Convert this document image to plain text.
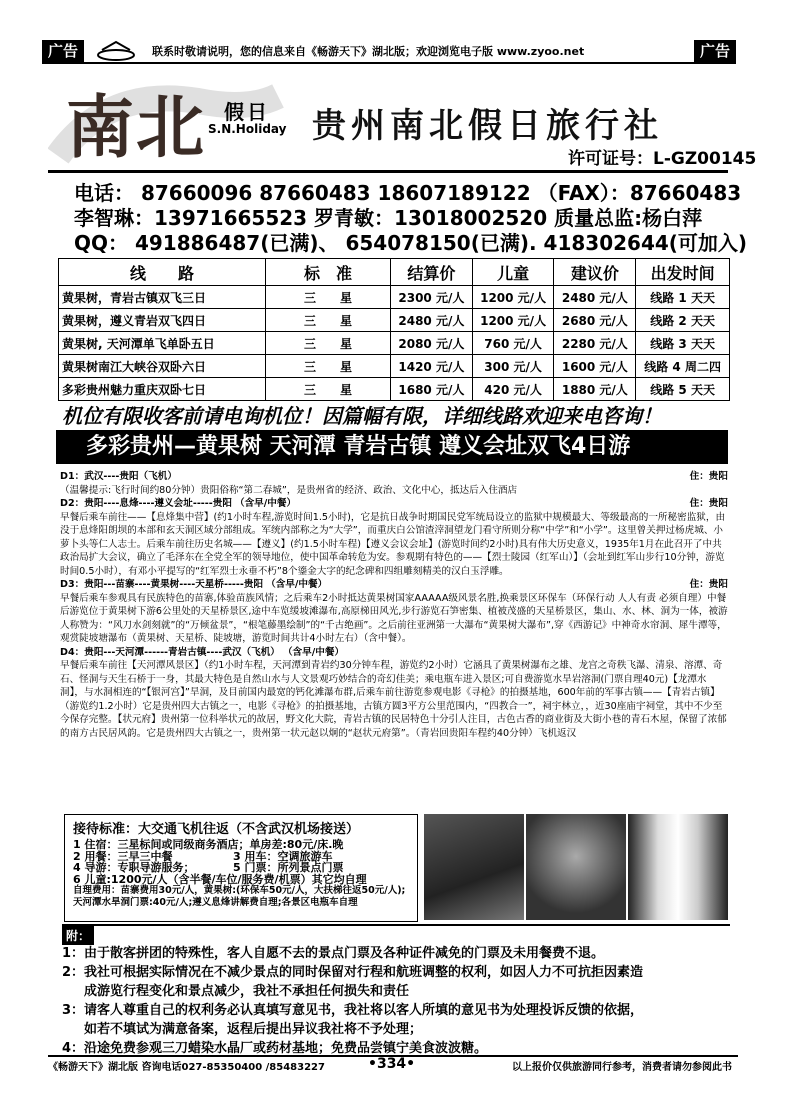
广告	联系时敬请说明，您的信息来自《畅游天下》湖北版；欢迎浏览电子版 www.zyoo.net	广告
南北 假日
S.N.Holiday 贵州南北假日旅行社
许可证号：L-GZ00145
电话： 87660096 87660483 18607189122 （FAX）：87660483
李智琳：13971665523 罗青敏：13018002520 质量总监:杨白萍
QQ： 491886487(已满)、 654078150(已满). 418302644(可加入)
线　　路	标　准	结算价	儿童	建议价	出发时间
黄果树，青岩古镇双飞三日	三　　星	2300 元/人	1200 元/人	2480 元/人	线路 1 天天
黄果树，遵义青岩双飞四日	三　　星	2480 元/人	1200 元/人	2680 元/人	线路 2 天天
黄果树, 天河潭单飞单卧五日	三　　星	2080 元/人	760 元/人	2280 元/人	线路 3 天天
黄果树南江大峡谷双卧六日	三　　星	1420 元/人	300 元/人	1600 元/人	线路 4 周二四
多彩贵州魅力重庆双卧七日	三　　星	1680 元/人	420 元/人	1880 元/人	线路 5 天天
机位有限收客前请电询机位！因篇幅有限，详细线路欢迎来电咨询！
多彩贵州—黄果树 天河潭 青岩古镇 遵义会址双飞4日游
D1：武汉----贵阳（飞机）	住：贵阳

（温馨提示:飞行时间约80分钟）贵阳俗称“第二春城”，是贵州省的经济、政治、文化中心，抵达后入住酒店

D2：贵阳----息烽----遵义会址-----贵阳 （含早/中餐）	住：贵阳

早餐后乘车前往——【息烽集中营】(约1小时车程,游览时间1.5小时)，它是抗日战争时期国民党军统局设立的监狱中规模最大、等级最高的一所秘密监狱，由没于息烽阳朗坝的本部和玄天洞区域分部组成。军统内部称之为“大学”，而重庆白公馆渣滓洞望龙门看守所则分称“中学”和“小学”。这里曾关押过杨虎城、小萝卜头等仁人志士。后乘车前往历史名城——【遵义】(约1.5小时车程)【遵义会议会址】(游览时间约2小时)具有伟大历史意义，1935年1月在此召开了中共政治局扩大会议，确立了毛泽东在全党全军的领导地位，使中国革命转危为安。参观期有特色的——【烈士陵园（红军山）】（会址到红军山步行10分钟，游览时间0.5小时），有邓小平提写的“红军烈士永垂不朽”8个鎏金大字的纪念碑和四组雕刻精美的汉白玉浮雕。

D3：贵阳---苗寨----黄果树----天星桥-----贵阳 （含早/中餐）	住：贵阳

早餐后乘车参观具有民族特色的苗寨,体验苗族风情；之后乘车2小时抵达黄果树国家AAAAA级风景名胜,换乘景区环保车（环保行动 人人有责 必须自理）中餐后游览位于黄果树下游6公里处的天星桥景区,途中车览缓坡滩瀑布,高原梯田风光,步行游览石笋密集、植被茂盛的天星桥景区，集山、水、林、洞为一体，被游人称赞为：“风刀水剑刻就”的“万倾盆景”，“根笔藤墨绘制”的“千古绝画”。之后前往亚洲第一大瀑布“黄果树大瀑布”,穿《西游记》中神奇水帘洞、犀牛潭等，观赏陡坡塘瀑布（黄果树、天星桥、陡坡塘，游览时间共计4小时左右）（含中餐）。

D4：贵阳---天河潭------青岩古镇----武汉（飞机） （含早/中餐）

早餐后乘车前往【天河潭风景区】（约1小时车程，天河潭到青岩约30分钟车程，游览约2小时）它涵具了黄果树瀑布之雄、龙宫之奇秩飞瀑、清泉、溶潭、奇石、怪洞与天生石桥于一身，其最大特色是自然山水与人文景观巧妙结合的奇幻佳美；乘电瓶车进入景区;可自费游览水旱岩溶洞(门票自理40元)【龙潭水洞】，与水洞相连的“【银河宫】”旱洞，及目前国内最宽的钙化滩瀑布群,后乘车前往游览参观电影《寻枪》的拍摄基地，600年前的军事古镇——【青岩古镇】（游览约1.2小时）它是贵州四大古镇之一，电影《寻枪》的拍摄基地，古镇方圆3平方公里范围内，“四教合一”，祠宇林立，，近30座庙宇祠堂，其中不少至今保存完整。【状元府】贵州第一位科举状元的故居，野文化大院，青岩古镇的民居特色十分引人注目，古色古香的商业街及大街小巷的青石木屋，保留了浓郁的南方古民居风韵。它是贵州四大古镇之一，贵州第一状元赵以炯的“赵状元府第”。（青岩回贵阳车程约40分钟）飞机返汉

接待标准：大交通飞机往返（不含武汉机场接送）
1 住宿：三星标间或同级商务酒店；单房差:80元/床.晚
2 用餐：三早三中餐	3 用车：空调旅游车
4 导游：专职导游服务；	5 门票：所列景点门票
6 儿童:1200元/人（含半餐/车位/服务费/机票）其它均自理
自理费用：苗寨费用30元/人，黄果树:(环保车50元/人，大扶梯往返50元/人);
天河潭水旱洞门票:40元/人;遵义息烽讲解费自理;各景区电瓶车自理
附：
1：由于散客拼团的特殊性，客人自愿不去的景点门票及各种证件减免的门票及未用餐费不退。
2：我社可根据实际情况在不减少景点的同时保留对行程和航班调整的权利，如因人力不可抗拒因素造
成游览行程变化和景点减少，我社不承担任何损失和责任
3：请客人尊重自己的权利务必认真填写意见书，我社将以客人所填的意见书为处理投诉反馈的依据，
如若不填试为满意备案，返程后提出异议我社将不予处理；
4：沿途免费参观三刀蜡染水晶厂或药材基地；免费品尝镇宁美食波波糖。
《畅游天下》湖北版 咨询电话027-85350400 /85483227	•334•	以上报价仅供旅游同行参考，消费者请勿参阅此书
